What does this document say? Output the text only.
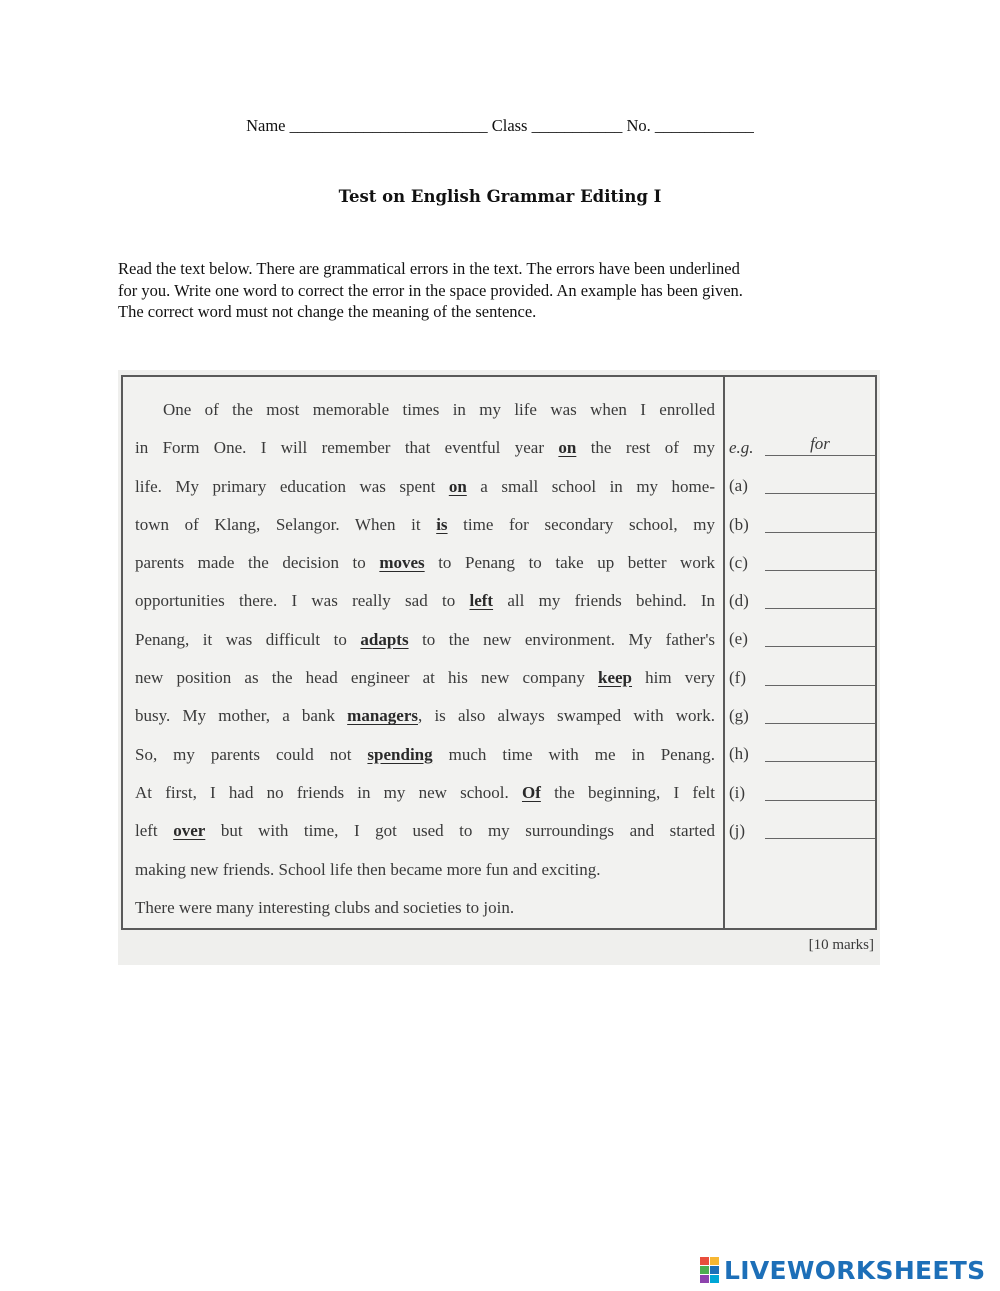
Name ________________________ Class ___________ No. ____________
Test on English Grammar Editing I
Read the text below. There are grammatical errors in the text. The errors have been underlined
for you. Write one word to correct the error in the space provided. An example has been given.
The correct word must not change the meaning of the sentence.
One of the most memorable times in my life was when I enrolled
in Form One. I will remember that eventful year on the rest of my
life. My primary education was spent on a small school in my home-
town of Klang, Selangor. When it is time for secondary school, my
parents made the decision to moves to Penang to take up better work
opportunities there. I was really sad to left all my friends behind. In
Penang, it was difficult to adapts to the new environment. My father's
new position as the head engineer at his new company keep him very
busy. My mother, a bank managers, is also always swamped with work.
So, my parents could not spending much time with me in Penang.
At first, I had no friends in my new school. Of the beginning, I felt
left over but with time, I got used to my surroundings and started
making new friends. School life then became more fun and exciting.
There were many interesting clubs and societies to join.
e.g.	for
(a)
(b)
(c)
(d)
(e)
(f)
(g)
(h)
(i)
(j)
[10 marks]
LIVEWORKSHEETS
